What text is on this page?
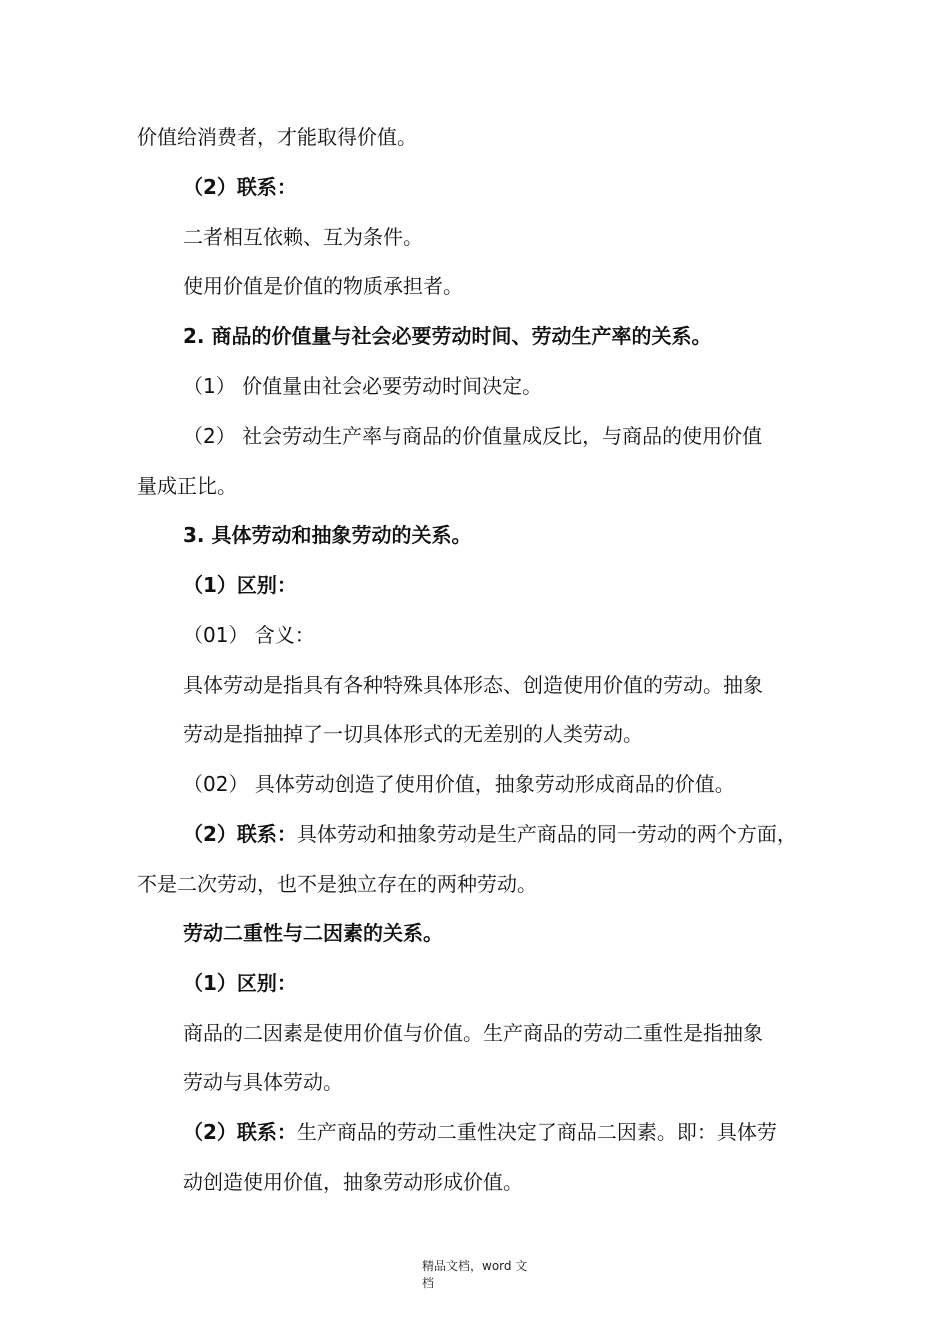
价值给消费者，才能取得价值。
（2）联系：
二者相互依赖、互为条件。
使用价值是价值的物质承担者。
2. 商品的价值量与社会必要劳动时间、劳动生产率的关系。
（1） 价值量由社会必要劳动时间决定。
（2） 社会劳动生产率与商品的价值量成反比，与商品的使用价值
量成正比。
3. 具体劳动和抽象劳动的关系。
（1）区别：
（01） 含义：
具体劳动是指具有各种特殊具体形态、创造使用价值的劳动。抽象
劳动是指抽掉了一切具体形式的无差别的人类劳动。
（02） 具体劳动创造了使用价值，抽象劳动形成商品的价值。
（2）联系：具体劳动和抽象劳动是生产商品的同一劳动的两个方面，
不是二次劳动，也不是独立存在的两种劳动。
劳动二重性与二因素的关系。
（1）区别：
商品的二因素是使用价值与价值。生产商品的劳动二重性是指抽象
劳动与具体劳动。
（2）联系：生产商品的劳动二重性决定了商品二因素。即：具体劳
动创造使用价值，抽象劳动形成价值。
精品文档，word 文
档
